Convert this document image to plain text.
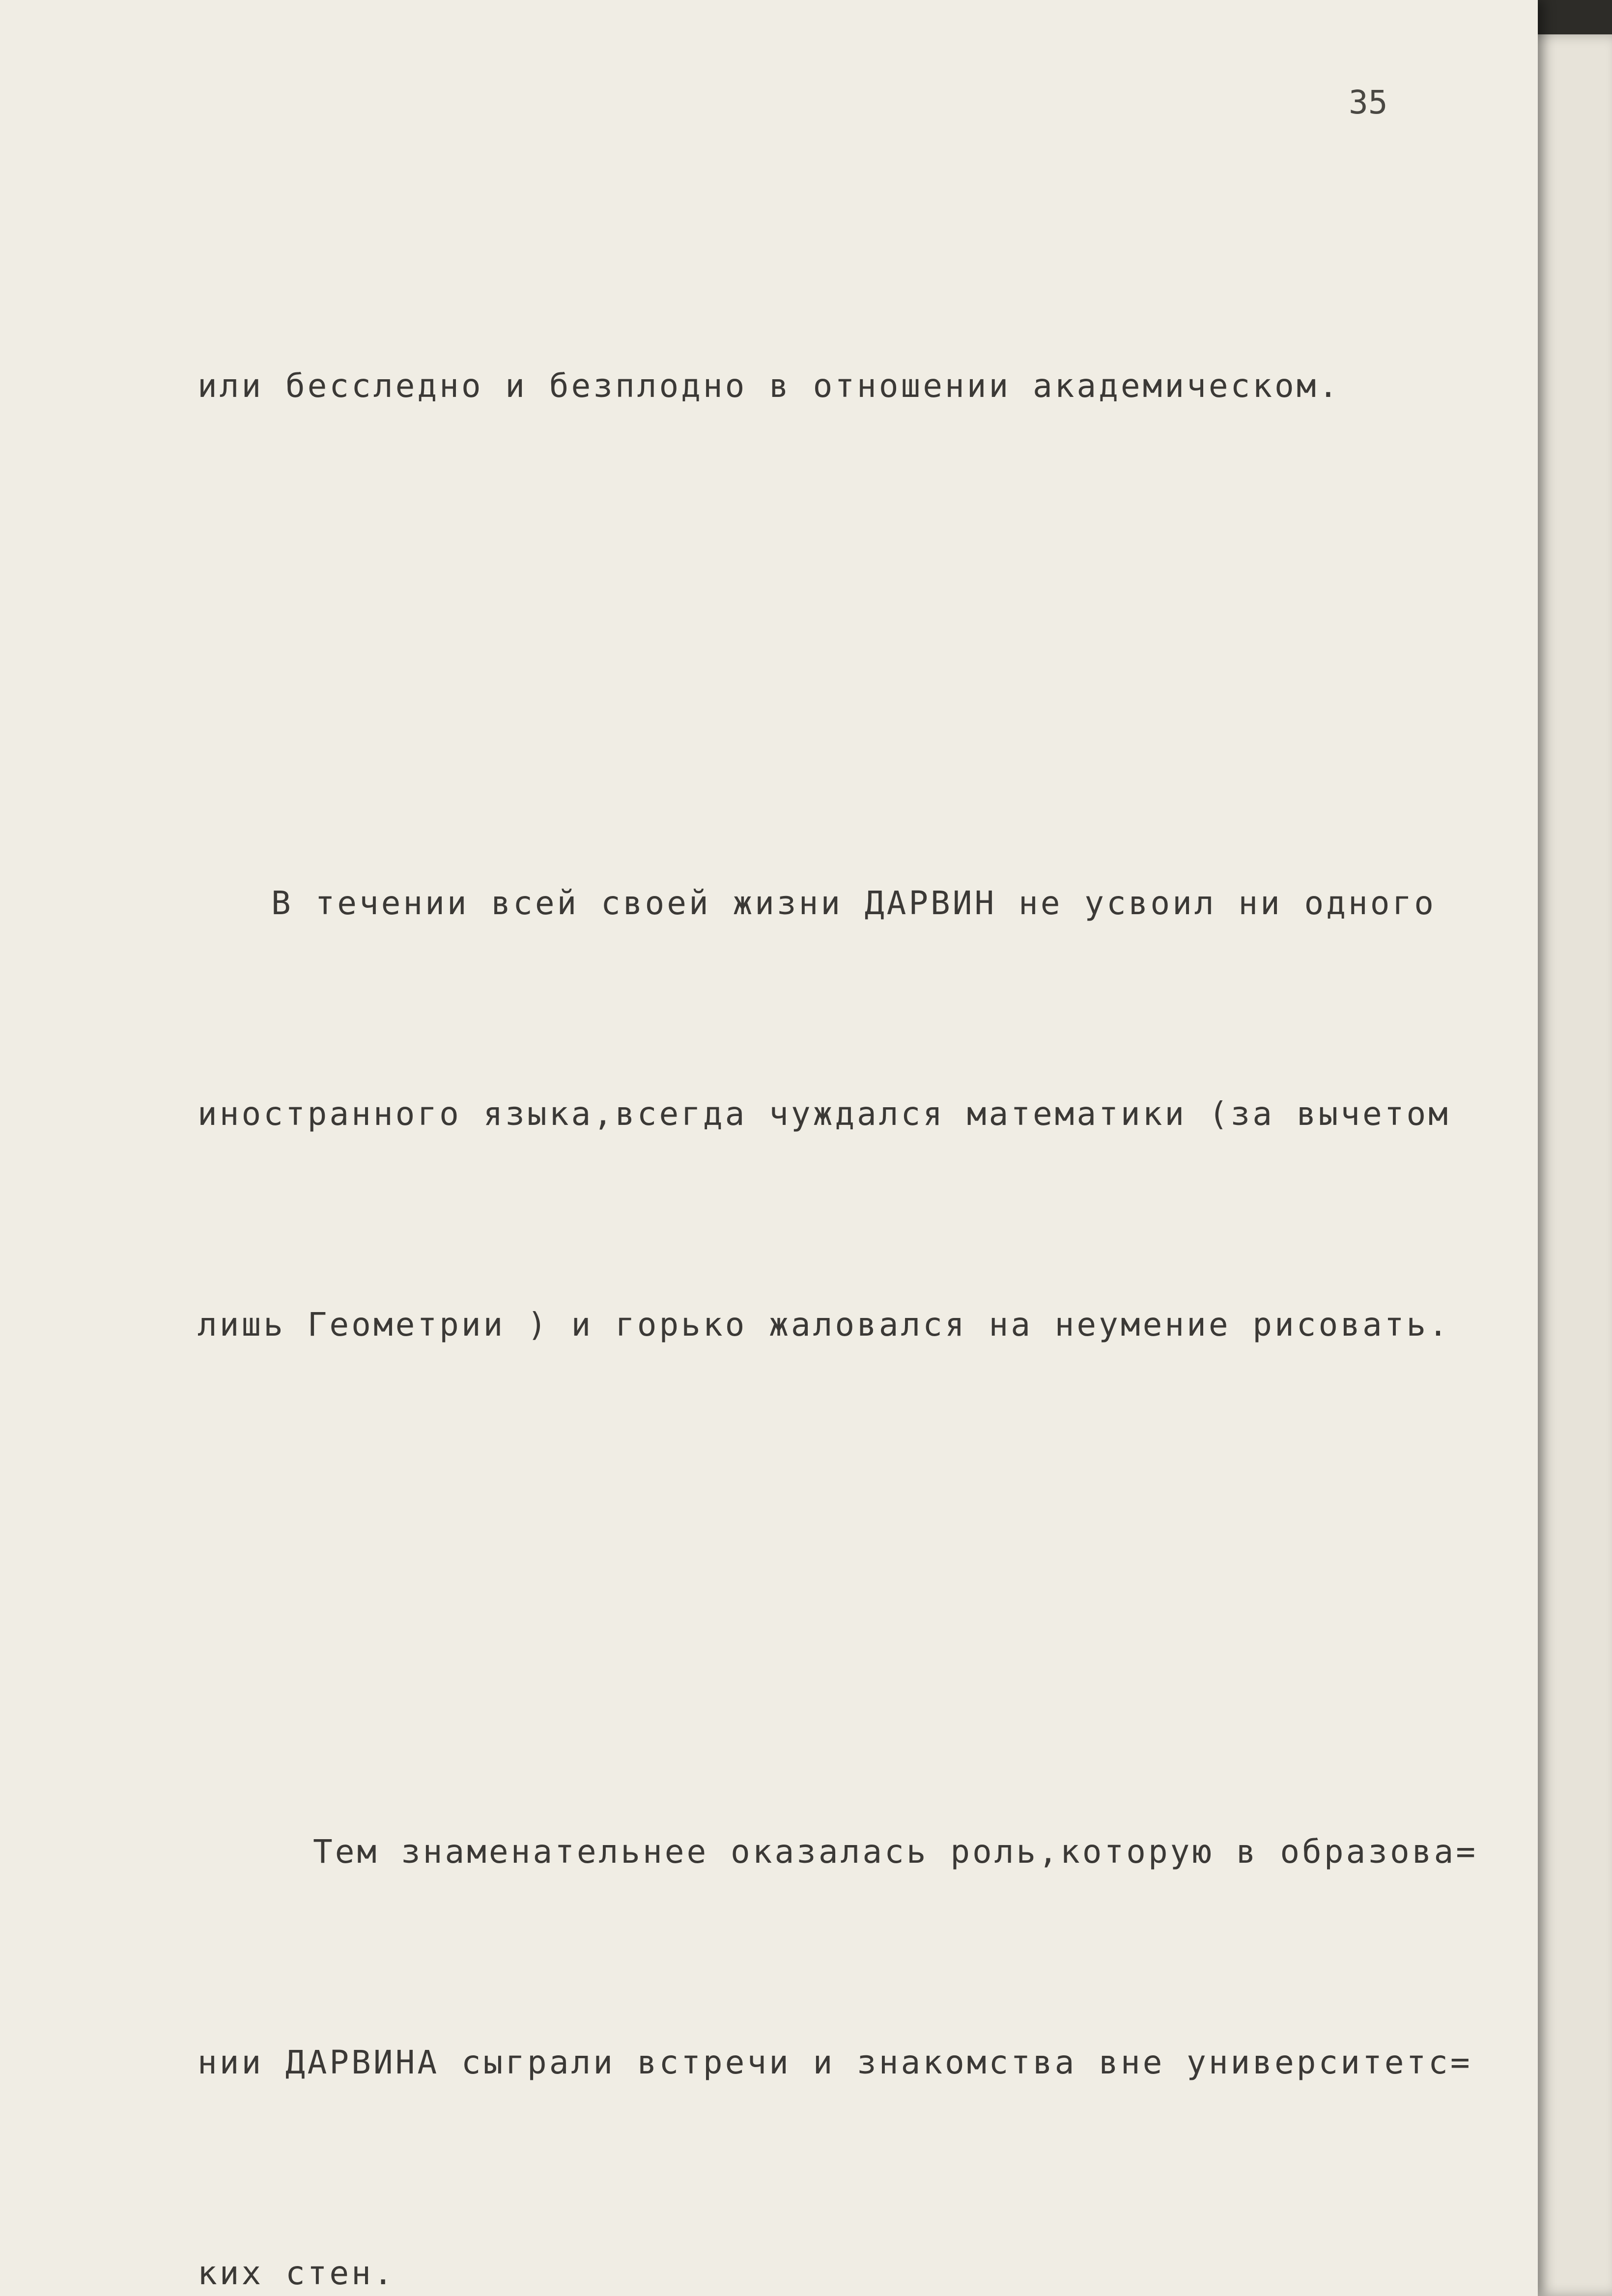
35

или бесследно и безплодно в отношении академическом.

В течении всей своей жизни ДАРВИН не усвоил ни одного

иностранного языка,всегда чуждался математики (за вычетом

лишь Геометрии ) и горько жаловался на неумение рисовать.

Тем знаменательнее оказалась роль,которую в образова=

нии ДАРВИНА сыграли встречи и знакомства вне университетс=

ких стен.
